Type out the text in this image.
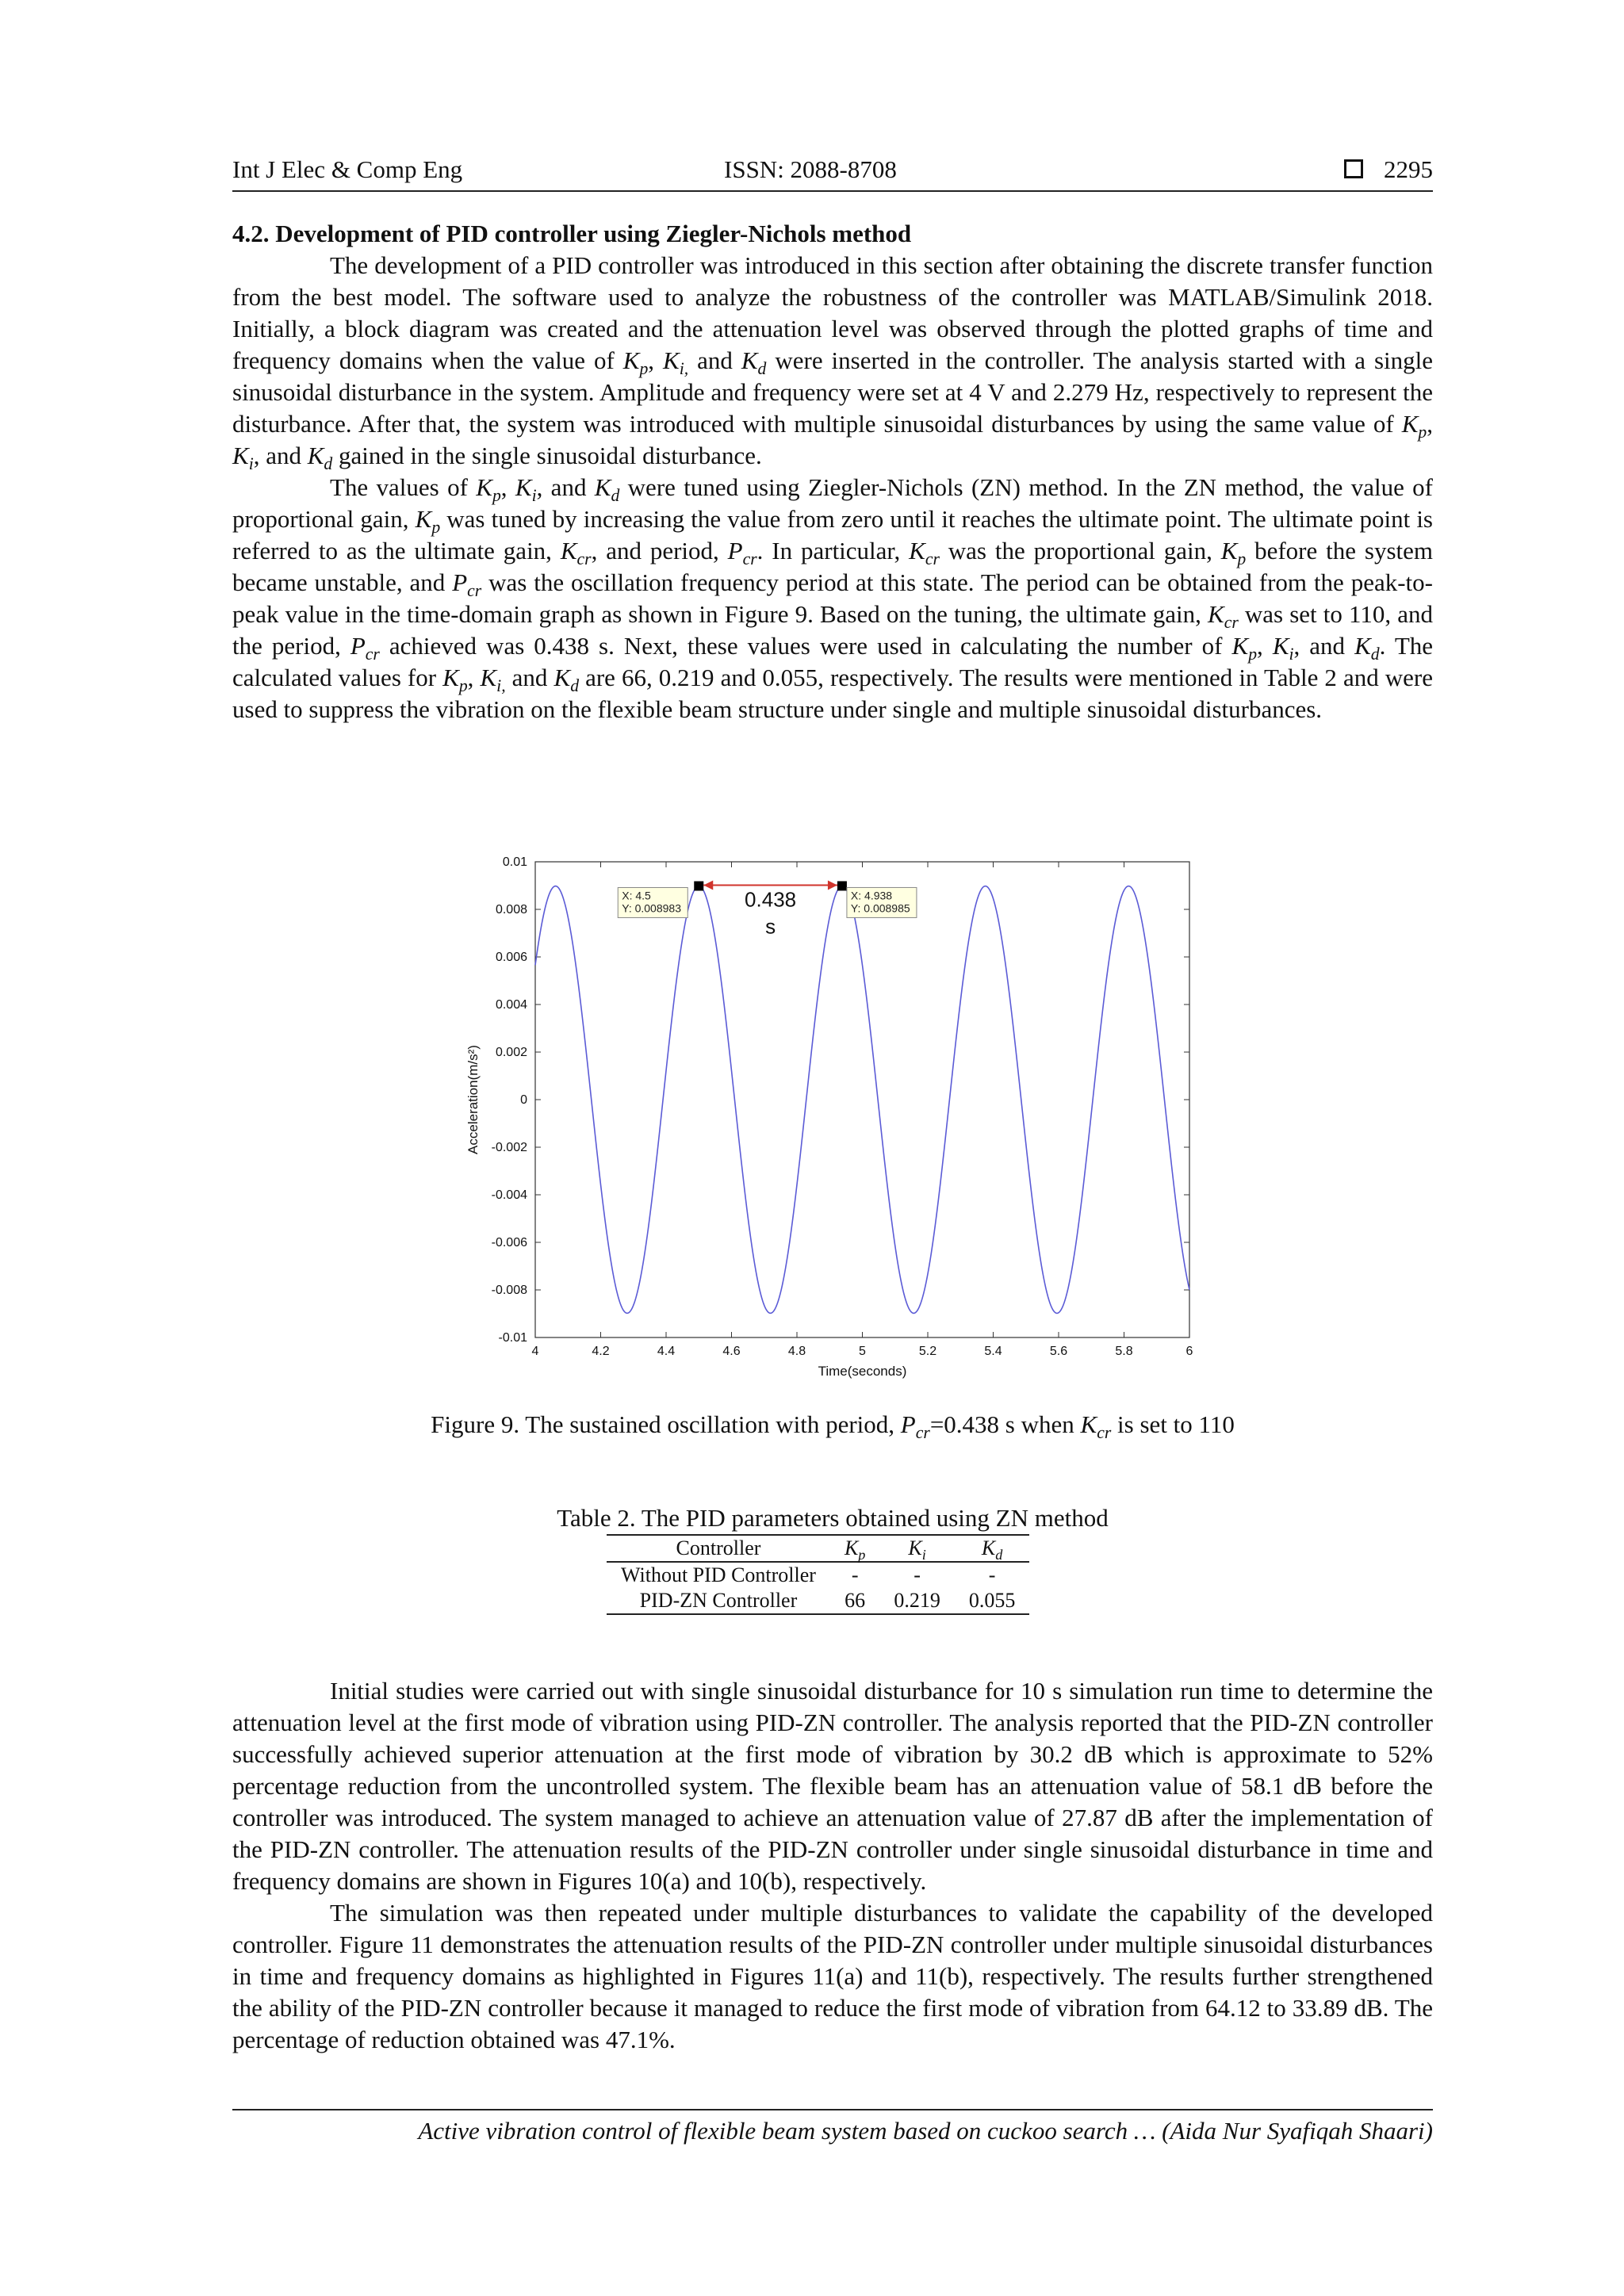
Int J Elec & Comp Eng	ISSN: 2088-8708	2295

4.2. Development of PID controller using Ziegler-Nichols method

The development of a PID controller was introduced in this section after obtaining the discrete transfer function from the best model. The software used to analyze the robustness of the controller was MATLAB/Simulink 2018. Initially, a block diagram was created and the attenuation level was observed through the plotted graphs of time and frequency domains when the value of $K_p$, $K_{i,}$ and $K_d$ were inserted in the controller. The analysis started with a single sinusoidal disturbance in the system. Amplitude and frequency were set at 4 V and 2.279 Hz, respectively to represent the disturbance. After that, the system was introduced with multiple sinusoidal disturbances by using the same value of $K_p$, $K_i$, and $K_d$ gained in the single sinusoidal disturbance.

The values of $K_p$, $K_i$, and $K_d$ were tuned using Ziegler-Nichols (ZN) method. In the ZN method, the value of proportional gain, $K_p$ was tuned by increasing the value from zero until it reaches the ultimate point. The ultimate point is referred to as the ultimate gain, $K_{cr}$, and period, $P_{cr}$. In particular, $K_{cr}$ was the proportional gain, $K_p$ before the system became unstable, and $P_{cr}$ was the oscillation frequency period at this state. The period can be obtained from the peak-to-peak value in the time-domain graph as shown in Figure 9. Based on the tuning, the ultimate gain, $K_{cr}$ was set to 110, and the period, $P_{cr}$ achieved was 0.438 s. Next, these values were used in calculating the number of $K_p$, $K_i$, and $K_d$. The calculated values for $K_p$, $K_{i,}$ and $K_d$ are 66, 0.219 and 0.055, respectively. The results were mentioned in Table 2 and were used to suppress the vibration on the flexible beam structure under single and multiple sinusoidal disturbances.

4	4.2	4.4	4.6	4.8	5	5.2	5.4	5.6	5.8	6
0.01
0.008
0.006
0.004
0.002
0
-0.002
-0.004
-0.006
-0.008
-0.01
Time(seconds)
Acceleration(m/s²)
0.438
s
X: 4.5
Y: 0.008983
X: 4.938
Y: 0.008985
Figure 9. The sustained oscillation with period, $P_{cr}=0.438$ s when $K_{cr}$ is set to 110
Table 2. The PID parameters obtained using ZN method
Controller	$K_p$	$K_i$	$K_d$
Without PID Controller	-	-	-
PID-ZN Controller	66	0.219	0.055

Initial studies were carried out with single sinusoidal disturbance for 10 s simulation run time to determine the attenuation level at the first mode of vibration using PID-ZN controller. The analysis reported that the PID-ZN controller successfully achieved superior attenuation at the first mode of vibration by 30.2 dB which is approximate to 52% percentage reduction from the uncontrolled system. The flexible beam has an attenuation value of 58.1 dB before the controller was introduced. The system managed to achieve an attenuation value of 27.87 dB after the implementation of the PID-ZN controller. The attenuation results of the PID-ZN controller under single sinusoidal disturbance in time and frequency domains are shown in Figures 10(a) and 10(b), respectively.

The simulation was then repeated under multiple disturbances to validate the capability of the developed controller. Figure 11 demonstrates the attenuation results of the PID-ZN controller under multiple sinusoidal disturbances in time and frequency domains as highlighted in Figures 11(a) and 11(b), respectively. The results further strengthened the ability of the PID-ZN controller because it managed to reduce the first mode of vibration from 64.12 to 33.89 dB. The percentage of reduction obtained was 47.1%.

Active vibration control of flexible beam system based on cuckoo search … (Aida Nur Syafiqah Shaari)
